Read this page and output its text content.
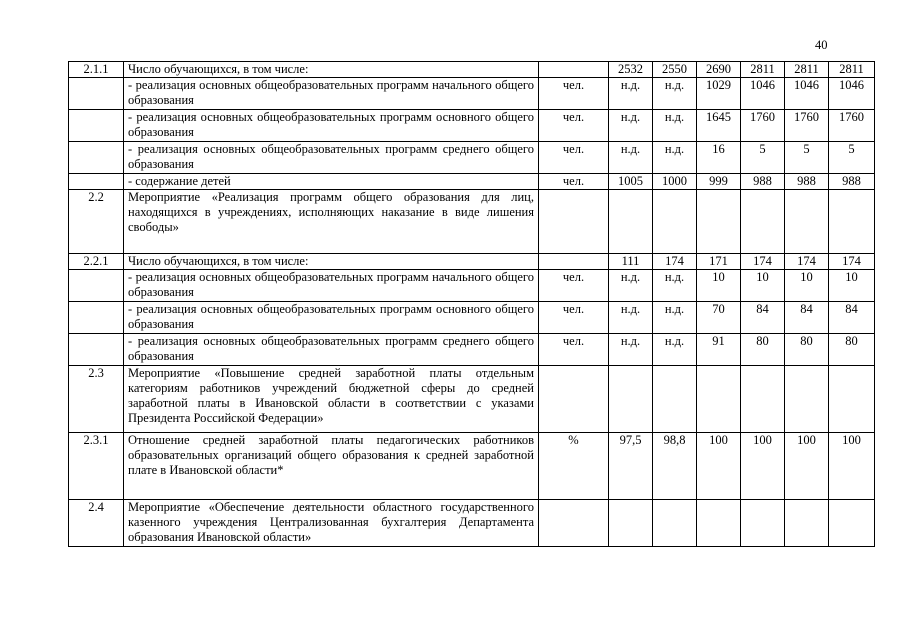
40
2.1.1	Число обучающихся, в том числе:		2532	2550	2690	2811	2811	2811
	- реализация основных общеобразовательных программ начального общего образования	чел.	н.д.	н.д.	1029	1046	1046	1046
	- реализация основных общеобразовательных программ основного общего образования	чел.	н.д.	н.д.	1645	1760	1760	1760
	- реализация основных общеобразовательных программ среднего общего образования	чел.	н.д.	н.д.	16	5	5	5
	- содержание детей	чел.	1005	1000	999	988	988	988
2.2	Мероприятие «Реализация программ общего образования для лиц, находящихся в учреждениях, исполняющих наказание в виде лишения свободы»							
2.2.1	Число обучающихся, в том числе:		111	174	171	174	174	174
	- реализация основных общеобразовательных программ начального общего образования	чел.	н.д.	н.д.	10	10	10	10
	- реализация основных общеобразовательных программ основного общего образования	чел.	н.д.	н.д.	70	84	84	84
	- реализация основных общеобразовательных программ среднего общего образования	чел.	н.д.	н.д.	91	80	80	80
2.3	Мероприятие «Повышение средней заработной платы отдельным категориям работников учреждений бюджетной сферы до средней заработной платы в Ивановской области в соответствии с указами Президента Российской Федерации»							
2.3.1	Отношение средней заработной платы педагогических работников образовательных организаций общего образования к средней заработной плате в Ивановской области*	%	97,5	98,8	100	100	100	100
2.4	Мероприятие «Обеспечение деятельности областного государственного казенного учреждения Централизованная бухгалтерия Департамента образования Ивановской области»							
